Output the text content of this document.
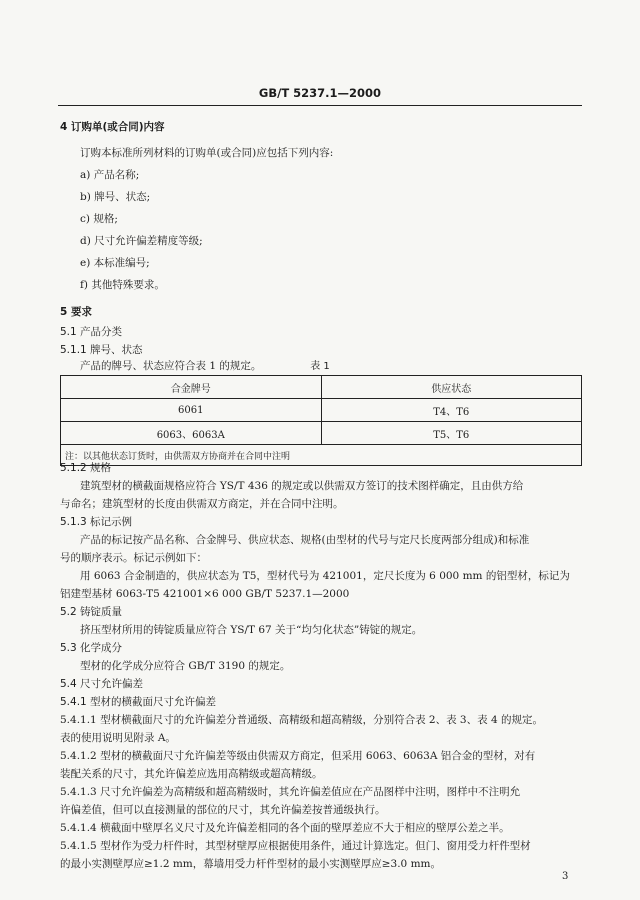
GB/T 5237.1—2000
4 订购单(或合同)内容
订购本标准所列材料的订购单(或合同)应包括下列内容:
a) 产品名称;
b) 牌号、状态;
c) 规格;
d) 尺寸允许偏差精度等级;
e) 本标准编号;
f) 其他特殊要求。
5 要求
5.1 产品分类
5.1.1 牌号、状态
产品的牌号、状态应符合表 1 的规定。	表 1
合金牌号	供应状态
6061	T4、T6
6063、6063A	T5、T6
注：以其他状态订货时，由供需双方协商并在合同中注明	
5.1.2 规格
建筑型材的横截面规格应符合 YS/T 436 的规定或以供需双方签订的技术图样确定，且由供方给
与命名；建筑型材的长度由供需双方商定，并在合同中注明。
5.1.3 标记示例
产品的标记按产品名称、合金牌号、供应状态、规格(由型材的代号与定尺长度两部分组成)和标准
号的顺序表示。标记示例如下：
用 6063 合金制造的，供应状态为 T5，型材代号为 421001，定尺长度为 6 000 mm 的铝型材，标记为
铝建型基材 6063-T5 421001×6 000 GB/T 5237.1—2000
5.2 铸锭质量
挤压型材所用的铸锭质量应符合 YS/T 67 关于“均匀化状态”铸锭的规定。
5.3 化学成分
型材的化学成分应符合 GB/T 3190 的规定。
5.4 尺寸允许偏差
5.4.1 型材的横截面尺寸允许偏差
5.4.1.1 型材横截面尺寸的允许偏差分普通级、高精级和超高精级，分别符合表 2、表 3、表 4 的规定。
表的使用说明见附录 A。
5.4.1.2 型材的横截面尺寸允许偏差等级由供需双方商定，但采用 6063、6063A 铝合金的型材，对有
装配关系的尺寸，其允许偏差应选用高精级或超高精级。
5.4.1.3 尺寸允许偏差为高精级和超高精级时，其允许偏差值应在产品图样中注明，图样中不注明允
许偏差值，但可以直接测量的部位的尺寸，其允许偏差按普通级执行。
5.4.1.4 横截面中壁厚名义尺寸及允许偏差相同的各个面的壁厚差应不大于相应的壁厚公差之半。
5.4.1.5 型材作为受力杆件时，其型材壁厚应根据使用条件，通过计算选定。但门、窗用受力杆件型材
的最小实测壁厚应≥1.2 mm，幕墙用受力杆件型材的最小实测壁厚应≥3.0 mm。
3
